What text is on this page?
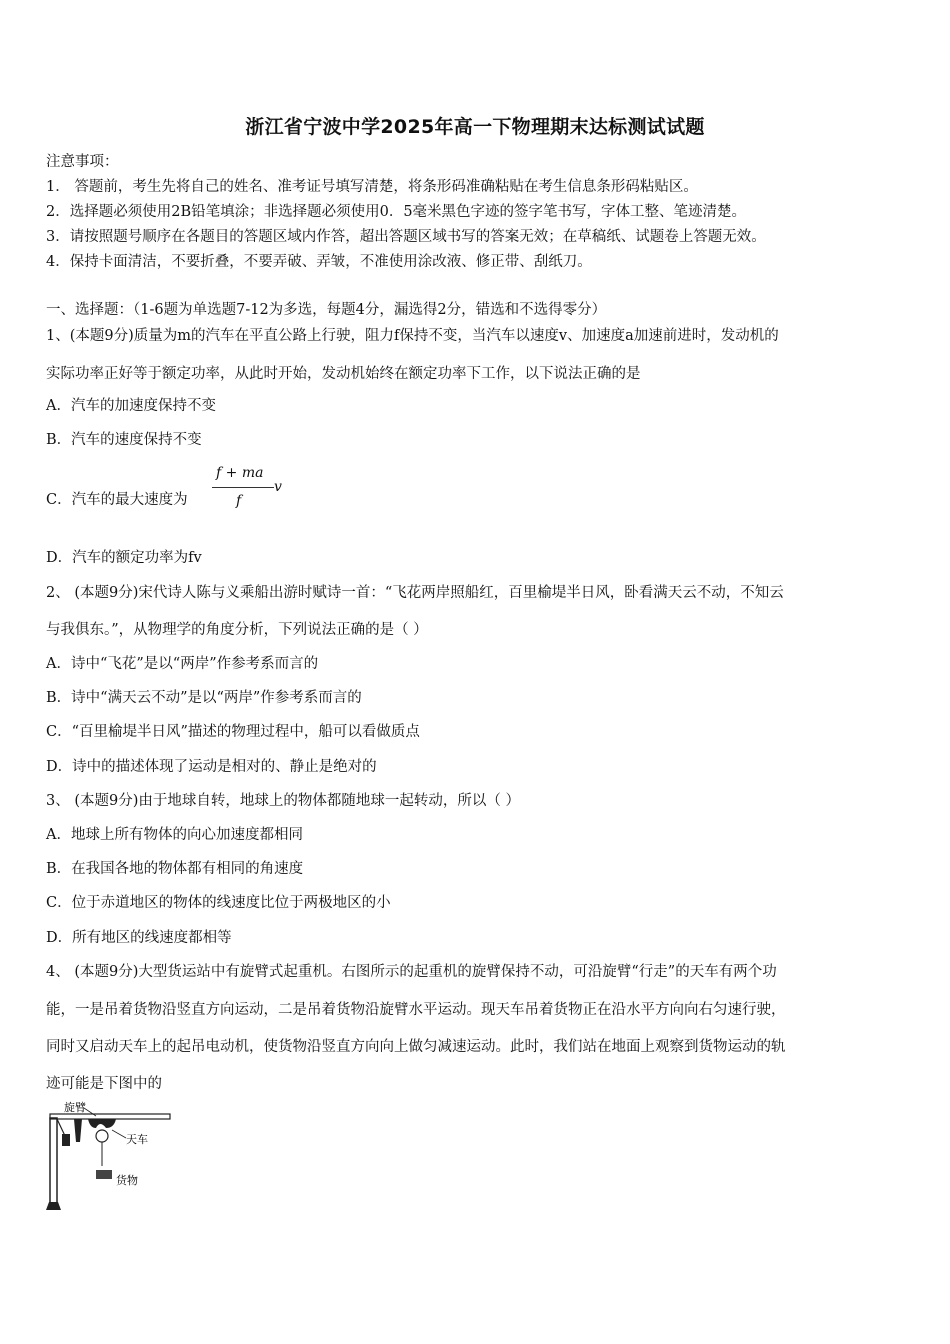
浙江省宁波中学2025年高一下物理期末达标测试试题
注意事项：
1． 答题前，考生先将自己的姓名、准考证号填写清楚，将条形码准确粘贴在考生信息条形码粘贴区。
2．选择题必须使用2B铅笔填涂；非选择题必须使用0．5毫米黑色字迹的签字笔书写，字体工整、笔迹清楚。
3．请按照题号顺序在各题目的答题区域内作答，超出答题区域书写的答案无效；在草稿纸、试题卷上答题无效。
4．保持卡面清洁，不要折叠，不要弄破、弄皱，不准使用涂改液、修正带、刮纸刀。
一、选择题：（1-6题为单选题7-12为多选，每题4分，漏选得2分，错选和不选得零分）
1、(本题9分)质量为m的汽车在平直公路上行驶，阻力f保持不变，当汽车以速度v、加速度a加速前进时，发动机的
实际功率正好等于额定功率，从此时开始，发动机始终在额定功率下工作，以下说法正确的是
A．汽车的加速度保持不变
B．汽车的速度保持不变
C．汽车的最大速度为
f + ma
f
v
D．汽车的额定功率为fv
2、 (本题9分)宋代诗人陈与义乘船出游时赋诗一首：“飞花两岸照船红，百里榆堤半日风，卧看满天云不动，不知云
与我俱东。”，从物理学的角度分析，下列说法正确的是（ ）
A．诗中“飞花”是以“两岸”作参考系而言的
B．诗中“满天云不动”是以“两岸”作参考系而言的
C．“百里榆堤半日风”描述的物理过程中，船可以看做质点
D．诗中的描述体现了运动是相对的、静止是绝对的
3、 (本题9分)由于地球自转，地球上的物体都随地球一起转动，所以（ ）
A．地球上所有物体的向心加速度都相同
B．在我国各地的物体都有相同的角速度
C．位于赤道地区的物体的线速度比位于两极地区的小
D．所有地区的线速度都相等
4、 (本题9分)大型货运站中有旋臂式起重机。右图所示的起重机的旋臂保持不动，可沿旋臂“行走”的天车有两个功
能，一是吊着货物沿竖直方向运动，二是吊着货物沿旋臂水平运动。现天车吊着货物正在沿水平方向向右匀速行驶，
同时又启动天车上的起吊电动机，使货物沿竖直方向向上做匀减速运动。此时，我们站在地面上观察到货物运动的轨
迹可能是下图中的
旋臂
天车
货物
